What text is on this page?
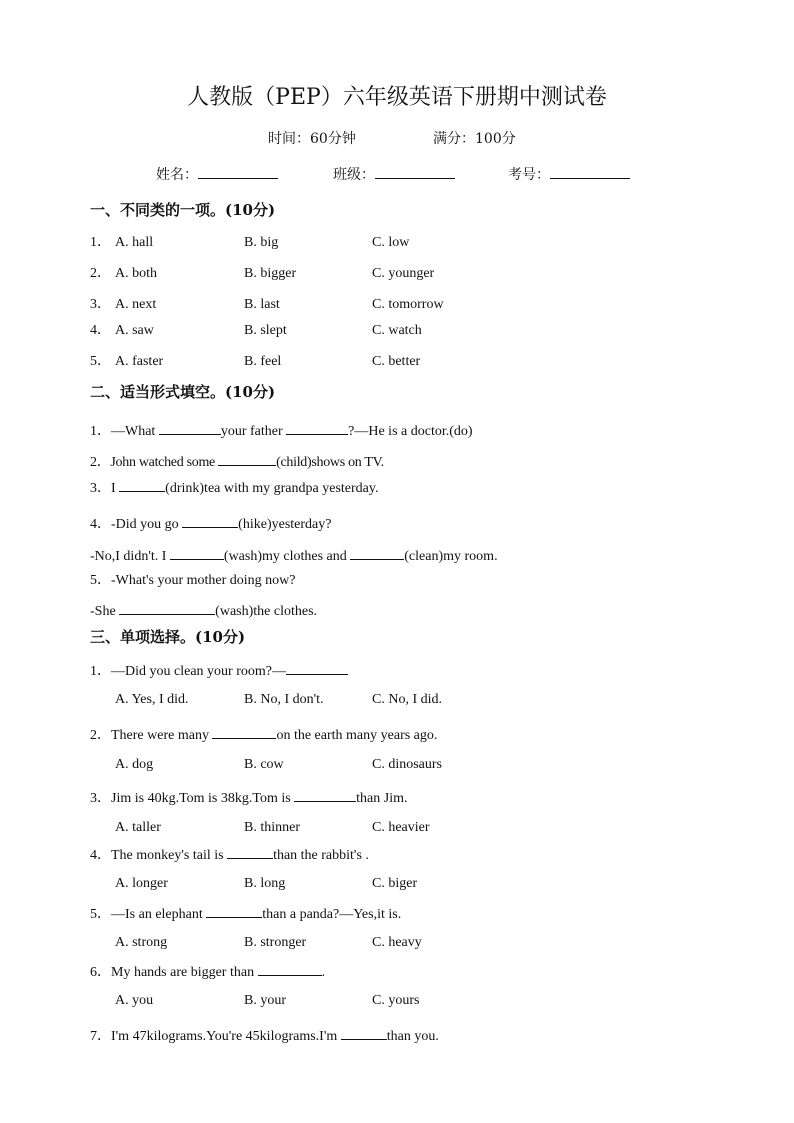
人教版（PEP）六年级英语下册期中测试卷
时间：60分钟	满分：100分
姓名：	班级：	考号：
一、不同类的一项。(10分)
1． A. hall	B. big	C. low
2． A. both	B. bigger	C. younger
3． A. next	B. last	C. tomorrow
4． A. saw	B. slept	C. watch
5． A. faster	B. feel	C. better
二、适当形式填空。(10分)
1．—What	your father	?—He is a doctor.(do)
2．John watched some	(child)shows on TV.
3．I	(drink)tea with my grandpa yesterday.
4．-Did you go	(hike)yesterday?
-No,I didn't. I	(wash)my clothes and	(clean)my room.
5．-What's your mother doing now?
-She	(wash)the clothes.
三、单项选择。(10分)
1．—Did you clean your room?—
A. Yes, I did.	B. No, I don't.	C. No, I did.
2．There were many	on the earth many years ago.
A. dog	B. cow	C. dinosaurs
3．Jim is 40kg.Tom is 38kg.Tom is	than Jim.
A. taller	B. thinner	C. heavier
4．The monkey's tail is	than the rabbit's .
A. longer	B. long	C. biger
5．—Is an elephant	than a panda?—Yes,it is.
A. strong	B. stronger	C. heavy
6．My hands are bigger than	.
A. you	B. your	C. yours
7．I'm 47kilograms.You're 45kilograms.I'm	than you.
